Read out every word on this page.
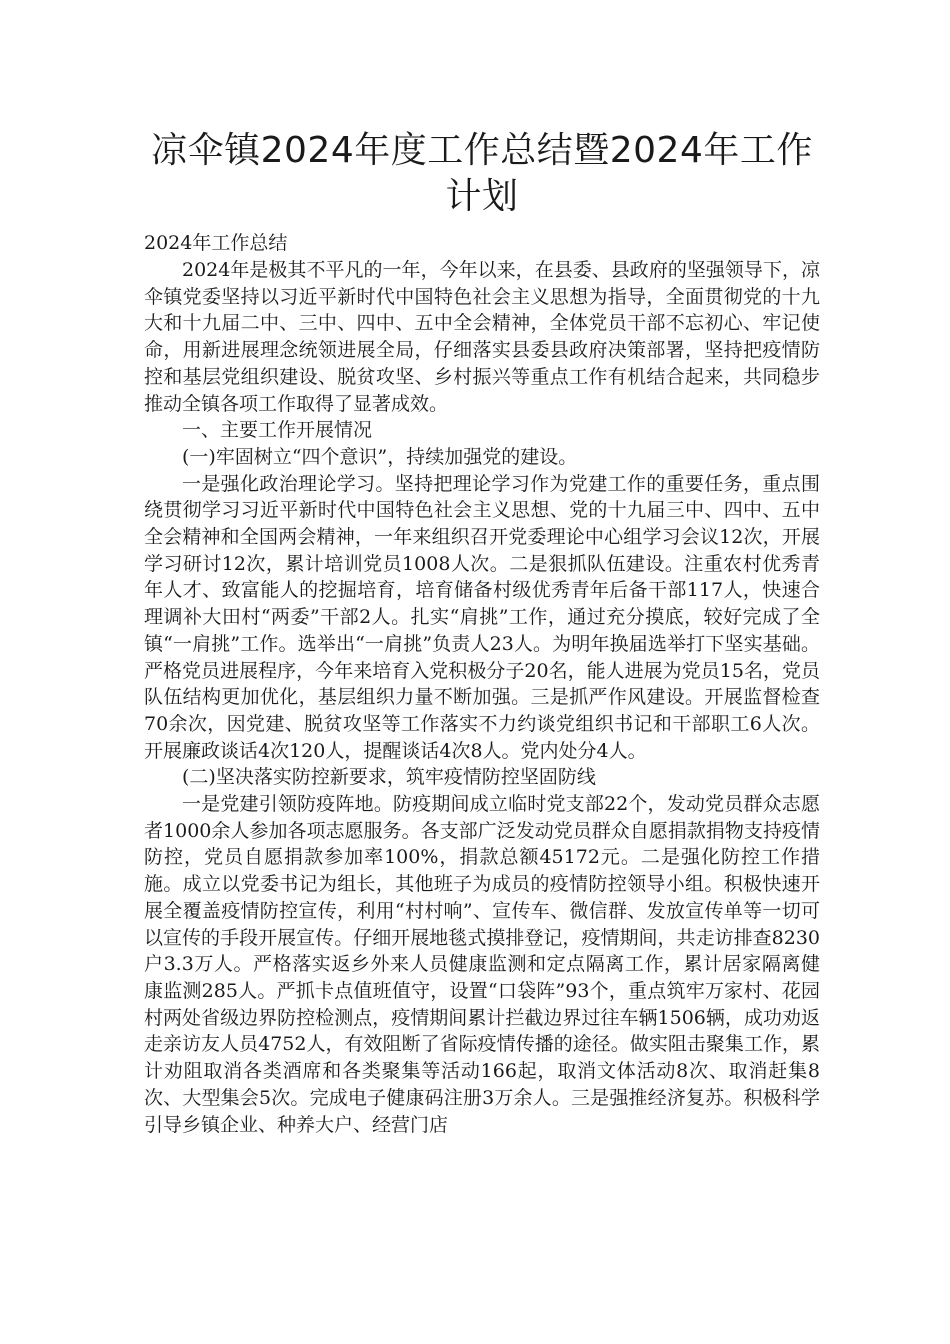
凉伞镇2024年度工作总结暨2024年工作计划
2024年工作总结

2024年是极其不平凡的一年，今年以来，在县委、县政府的坚强领导下，凉伞镇党委坚持以习近平新时代中国特色社会主义思想为指导，全面贯彻党的十九大和十九届二中、三中、四中、五中全会精神，全体党员干部不忘初心、牢记使命，用新进展理念统领进展全局，仔细落实县委县政府决策部署，坚持把疫情防控和基层党组织建设、脱贫攻坚、乡村振兴等重点工作有机结合起来，共同稳步推动全镇各项工作取得了显著成效。

一、主要工作开展情况

(一)牢固树立“四个意识”，持续加强党的建设。

一是强化政治理论学习。坚持把理论学习作为党建工作的重要任务，重点围绕贯彻学习习近平新时代中国特色社会主义思想、党的十九届三中、四中、五中全会精神和全国两会精神，一年来组织召开党委理论中心组学习会议12次，开展学习研讨12次，累计培训党员1008人次。二是狠抓队伍建设。注重农村优秀青年人才、致富能人的挖掘培育，培育储备村级优秀青年后备干部117人，快速合理调补大田村“两委”干部2人。扎实“肩挑”工作，通过充分摸底，较好完成了全镇“一肩挑”工作。选举出“一肩挑”负责人23人。为明年换届选举打下坚实基础。严格党员进展程序，今年来培育入党积极分子20名，能人进展为党员15名，党员队伍结构更加优化，基层组织力量不断加强。三是抓严作风建设。开展监督检查70余次，因党建、脱贫攻坚等工作落实不力约谈党组织书记和干部职工6人次。开展廉政谈话4次120人，提醒谈话4次8人。党内处分4人。

(二)坚决落实防控新要求，筑牢疫情防控坚固防线

一是党建引领防疫阵地。防疫期间成立临时党支部22个，发动党员群众志愿者1000余人参加各项志愿服务。各支部广泛发动党员群众自愿捐款捐物支持疫情防控，党员自愿捐款参加率100%，捐款总额45172元。二是强化防控工作措施。成立以党委书记为组长，其他班子为成员的疫情防控领导小组。积极快速开展全覆盖疫情防控宣传，利用“村村响”、宣传车、微信群、发放宣传单等一切可以宣传的手段开展宣传。仔细开展地毯式摸排登记，疫情期间，共走访排查8230户3.3万人。严格落实返乡外来人员健康监测和定点隔离工作，累计居家隔离健康监测285人。严抓卡点值班值守，设置“口袋阵”93个，重点筑牢万家村、花园村两处省级边界防控检测点，疫情期间累计拦截边界过往车辆1506辆，成功劝返走亲访友人员4752人，有效阻断了省际疫情传播的途径。做实阻击聚集工作，累计劝阻取消各类酒席和各类聚集等活动166起，取消文体活动8次、取消赶集8次、大型集会5次。完成电子健康码注册3万余人。三是强推经济复苏。积极科学引导乡镇企业、种养大户、经营门店
